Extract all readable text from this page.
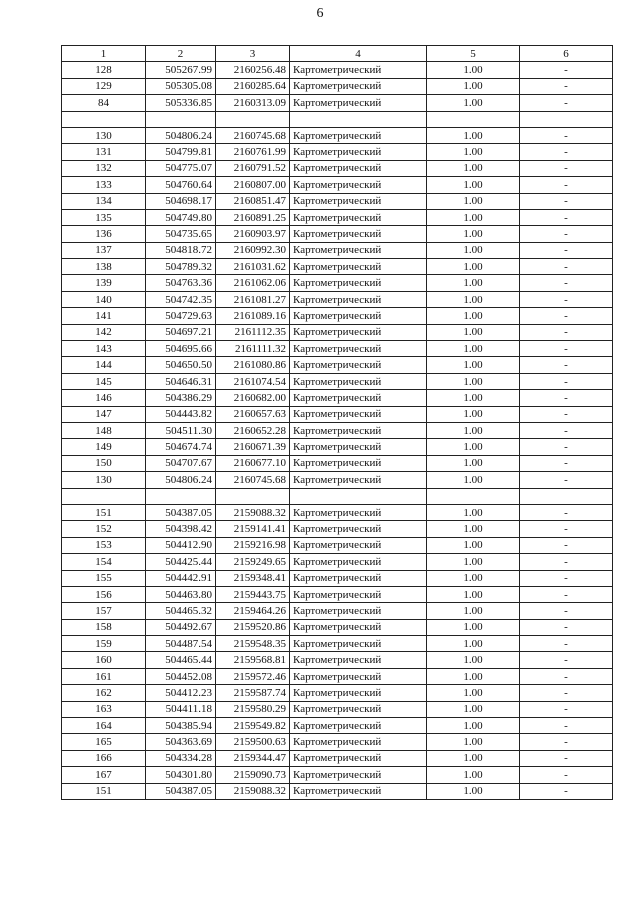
6
1	2	3	4	5	6
128	505267.99	2160256.48	Картометрический	1.00	-
129	505305.08	2160285.64	Картометрический	1.00	-
84	505336.85	2160313.09	Картометрический	1.00	-

130	504806.24	2160745.68	Картометрический	1.00	-
131	504799.81	2160761.99	Картометрический	1.00	-
132	504775.07	2160791.52	Картометрический	1.00	-
133	504760.64	2160807.00	Картометрический	1.00	-
134	504698.17	2160851.47	Картометрический	1.00	-
135	504749.80	2160891.25	Картометрический	1.00	-
136	504735.65	2160903.97	Картометрический	1.00	-
137	504818.72	2160992.30	Картометрический	1.00	-
138	504789.32	2161031.62	Картометрический	1.00	-
139	504763.36	2161062.06	Картометрический	1.00	-
140	504742.35	2161081.27	Картометрический	1.00	-
141	504729.63	2161089.16	Картометрический	1.00	-
142	504697.21	2161112.35	Картометрический	1.00	-
143	504695.66	2161111.32	Картометрический	1.00	-
144	504650.50	2161080.86	Картометрический	1.00	-
145	504646.31	2161074.54	Картометрический	1.00	-
146	504386.29	2160682.00	Картометрический	1.00	-
147	504443.82	2160657.63	Картометрический	1.00	-
148	504511.30	2160652.28	Картометрический	1.00	-
149	504674.74	2160671.39	Картометрический	1.00	-
150	504707.67	2160677.10	Картометрический	1.00	-
130	504806.24	2160745.68	Картометрический	1.00	-

151	504387.05	2159088.32	Картометрический	1.00	-
152	504398.42	2159141.41	Картометрический	1.00	-
153	504412.90	2159216.98	Картометрический	1.00	-
154	504425.44	2159249.65	Картометрический	1.00	-
155	504442.91	2159348.41	Картометрический	1.00	-
156	504463.80	2159443.75	Картометрический	1.00	-
157	504465.32	2159464.26	Картометрический	1.00	-
158	504492.67	2159520.86	Картометрический	1.00	-
159	504487.54	2159548.35	Картометрический	1.00	-
160	504465.44	2159568.81	Картометрический	1.00	-
161	504452.08	2159572.46	Картометрический	1.00	-
162	504412.23	2159587.74	Картометрический	1.00	-
163	504411.18	2159580.29	Картометрический	1.00	-
164	504385.94	2159549.82	Картометрический	1.00	-
165	504363.69	2159500.63	Картометрический	1.00	-
166	504334.28	2159344.47	Картометрический	1.00	-
167	504301.80	2159090.73	Картометрический	1.00	-
151	504387.05	2159088.32	Картометрический	1.00	-
